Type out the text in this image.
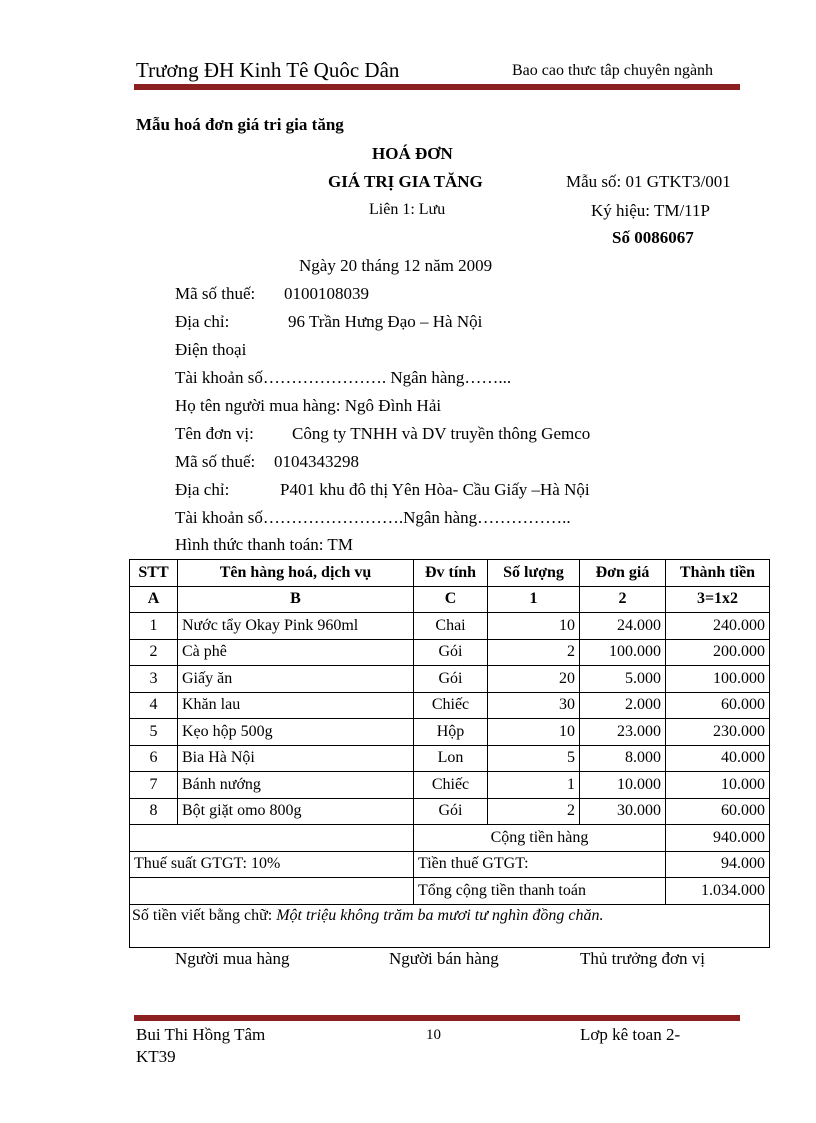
Trương ĐH Kinh Tê Quôc Dân	Bao cao thưc tâp chuyên ngành
Mẫu hoá đơn giá tri gia tăng
HOÁ ĐƠN
GIÁ TRỊ GIA TĂNG
Liên 1: Lưu
Mẫu số: 01 GTKT3/001
Ký hiệu: TM/11P
Số 0086067
Ngày 20 tháng 12 năm 2009
Mã số thuế: 0100108039
Địa chỉ:	96 Trần Hưng Đạo – Hà Nội
Điện thoại
Tài khoản số…………………. Ngân hàng……...
Họ tên người mua hàng: Ngô Đình Hải
Tên đơn vị: Công ty TNHH và DV truyền thông Gemco
Mã số thuế: 0104343298
Địa chỉ:	P401 khu đô thị Yên Hòa- Cầu Giấy –Hà Nội
Tài khoản số…………………….Ngân hàng……………..
Hình thức thanh toán: TM
STT	Tên hàng hoá, dịch vụ	Đv tính	Số lượng	Đơn giá	Thành tiền
A	B	C	1	2	3=1x2
1	Nước tẩy Okay Pink 960ml	Chai	10	24.000	240.000
2	Cà phê	Gói	2	100.000	200.000
3	Giấy ăn	Gói	20	5.000	100.000
4	Khăn lau	Chiếc	30	2.000	60.000
5	Kẹo hộp 500g	Hộp	10	23.000	230.000
6	Bia Hà Nội	Lon	5	8.000	40.000
7	Bánh nướng	Chiếc	1	10.000	10.000
8	Bột giặt omo 800g	Gói	2	30.000	60.000
		Cộng tiền hàng			940.000
Thuế suất GTGT: 10%		Tiền thuế GTGT:			94.000
		Tổng cộng tiền thanh toán			1.034.000
Số tiền viết bằng chữ: Một triệu không trăm ba mươi tư nghìn đồng chăn.					
Người mua hàng	Người bán hàng	Thủ trưởng đơn vị
Bui Thi Hồng Tâm
KT39
10	Lơp kê toan 2-
